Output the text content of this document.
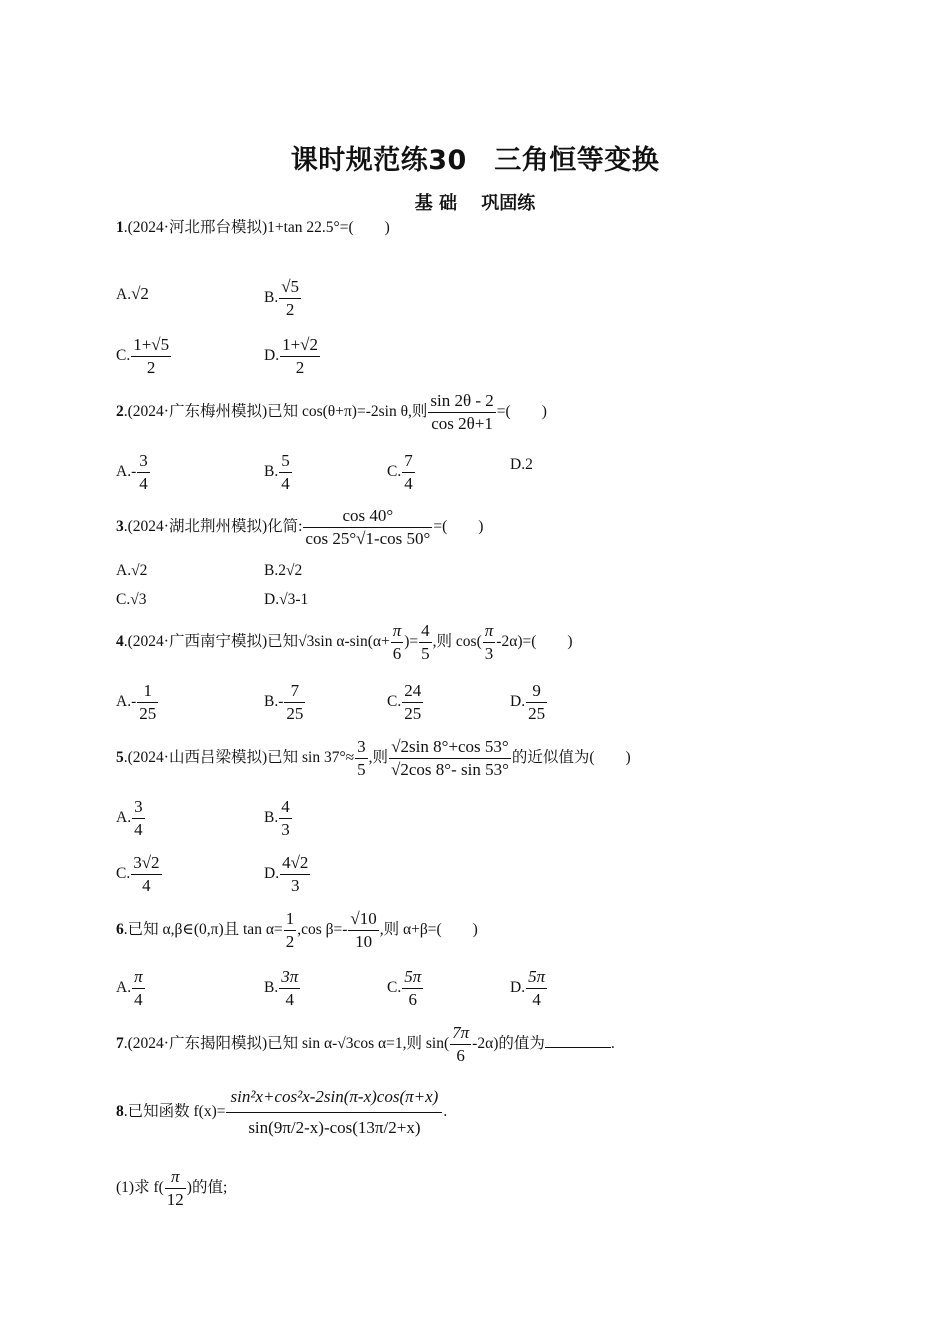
课时规范练30　三角恒等变换
基 础　 巩固练
1.(2024·河北邢台模拟)1+tan 22.5°=(　　)
A.√2	B. $\frac{√5}{2}$
C. $\frac{1+√5}{2}$	D. $\frac{1+√2}{2}$
2.(2024·广东梅州模拟)已知 cos(θ+π)=-2sin θ,则 $\frac{\sin 2\theta - 2}{\cos 2\theta+1}$ =(　　)
$A.- \frac{3}{4}$	B. $\frac{5}{4}$	C. $\frac{7}{4}$	D.2
3.(2024·湖北荆州模拟)化简: $\frac{\cos 40^\circ}{\cos 25^\circ√1-\cos 50^\circ}$ =(　　)
A.√2	B.2√2
C.√3	D.√3-1
4.(2024·广西南宁模拟)已知√3sin $\alpha-\sin(\alpha+ \frac{\pi}{6}$ )= $\frac{4}{5}$ ,则 $\cos( \frac{\pi}{3} -2\alpha)=$(　　)
$A.- \frac{1}{25}$	$B.- \frac{7}{25}$	C. $\frac{24}{25}$	D. $\frac{9}{25}$
5.(2024·山西吕梁模拟)已知 $\sin 37^\circ\approx \frac{3}{5}$ ,则 $\frac{√2\sin 8^\circ+\cos 53^\circ}{√2\cos 8^\circ- \sin 53^\circ}$ 的近似值为(　　)
A. $\frac{3}{4}$	B. $\frac{4}{3}$
C. $\frac{3√2}{4}$	D. $\frac{4√2}{3}$
6.已知 α,β∈(0,π)且 $\tan \alpha= \frac{1}{2} ,\cos$ $\beta=- \frac{√10}{10}$ ,则 α+β=(　　)
A. $\frac{\pi}{4}$	B. $\frac{3\pi}{4}$	C. $\frac{5\pi}{6}$	D. $\frac{5\pi}{4}$
7.(2024·广东揭阳模拟)已知 sin α-√3cos α=1,则 $\sin( \frac{7\pi}{6} -2\alpha)$的值为	.
8.已知函数 $f(x)= \frac{\text{sin²x+cos²x-2sin(π-x)cos(π+x)}}{\sin(9\pi/2-x)-\cos(13\pi/2+x)}$ .
(1)求 $f( \frac{\pi}{12}$ )的值;
